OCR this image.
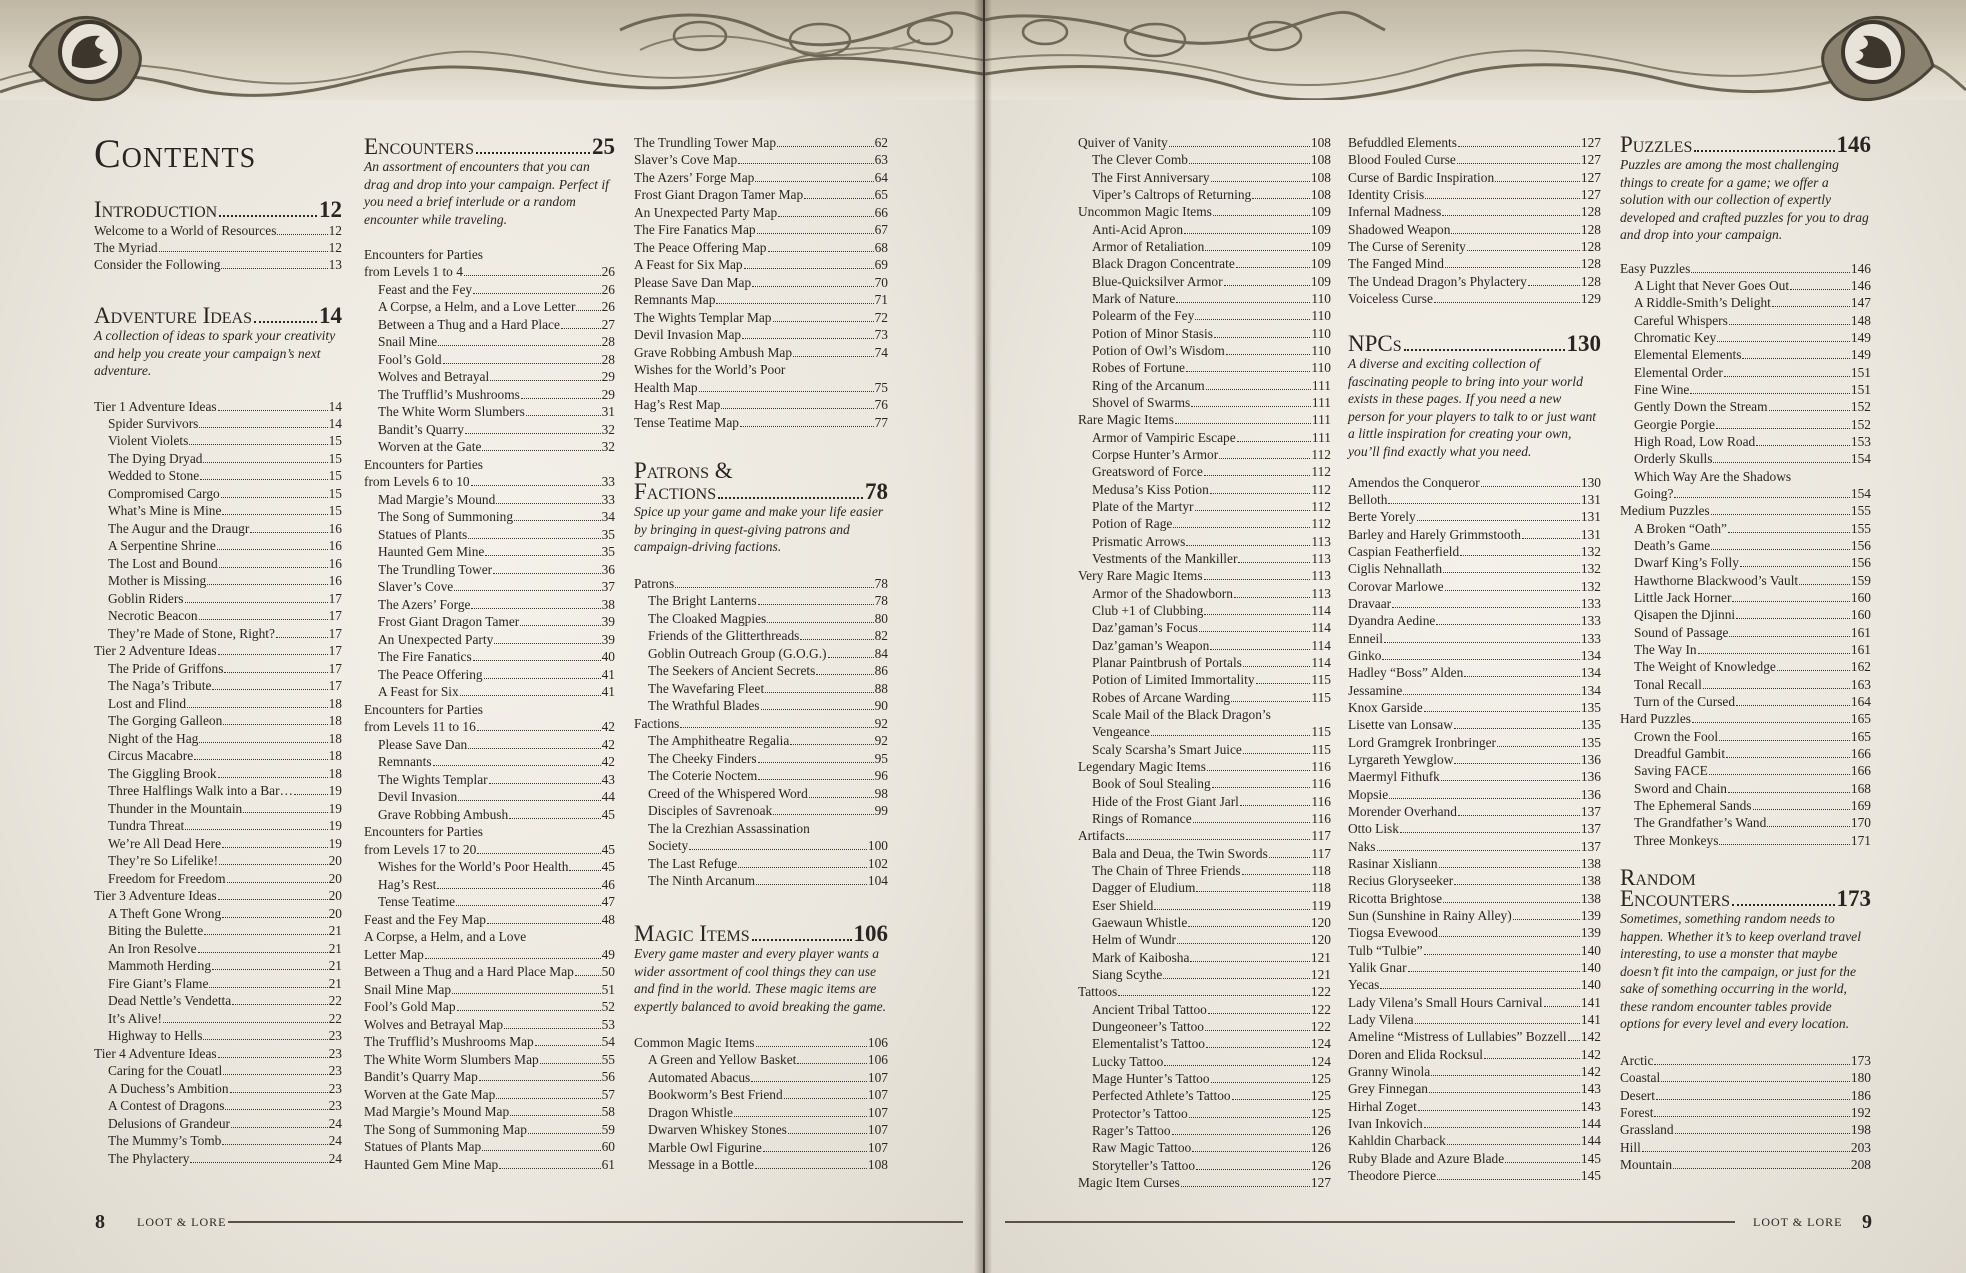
8	LOOT & LORE
Contents
LOOT & LORE 9
Introduction	12
Welcome to a World of Resources	12
The Myriad	12
Consider the Following	13
Adventure Ideas	14
A collection of ideas to spark your creativity and help you create your campaign’s next adventure.
Tier 1 Adventure Ideas	14
Spider Survivors	14
Violent Violets	15
The Dying Dryad	15
Wedded to Stone	15
Compromised Cargo	15
What’s Mine is Mine	15
The Augur and the Draugr	16
A Serpentine Shrine	16
The Lost and Bound	16
Mother is Missing	16
Goblin Riders	17
Necrotic Beacon	17
They’re Made of Stone, Right?	17
Tier 2 Adventure Ideas	17
The Pride of Griffons	17
The Naga’s Tribute	17
Lost and Flind	18
The Gorging Galleon	18
Night of the Hag	18
Circus Macabre	18
The Giggling Brook	18
Three Halflings Walk into a Bar…	19
Thunder in the Mountain	19
Tundra Threat	19
We’re All Dead Here	19
They’re So Lifelike!	20
Freedom for Freedom	20
Tier 3 Adventure Ideas	20
A Theft Gone Wrong	20
Biting the Bulette	21
An Iron Resolve	21
Mammoth Herding	21
Fire Giant’s Flame	21
Dead Nettle’s Vendetta	22
It’s Alive!	22
Highway to Hells	23
Tier 4 Adventure Ideas	23
Caring for the Couatl	23
A Duchess’s Ambition	23
A Contest of Dragons	23
Delusions of Grandeur	24
The Mummy’s Tomb	24
The Phylactery	24
Encounters	25
An assortment of encounters that you can drag and drop into your campaign. Perfect if you need a brief interlude or a random encounter while traveling.
Encounters for Parties
from Levels 1 to 4	26
Feast and the Fey	26
A Corpse, a Helm, and a Love Letter 26
Between a Thug and a Hard Place	27
Snail Mine	28
Fool’s Gold	28
Wolves and Betrayal	29
The Trufflid’s Mushrooms	29
The White Worm Slumbers	31
Bandit’s Quarry	32
Worven at the Gate	32
Encounters for Parties
from Levels 6 to 10	33
Mad Margie’s Mound	33
The Song of Summoning	34
Statues of Plants	35
Haunted Gem Mine	35
The Trundling Tower	36
Slaver’s Cove	37
The Azers’ Forge	38
Frost Giant Dragon Tamer	39
An Unexpected Party	39
The Fire Fanatics	40
The Peace Offering	41
A Feast for Six	41
Encounters for Parties
from Levels 11 to 16	42
Please Save Dan	42
Remnants	42
The Wights Templar	43
Devil Invasion	44
Grave Robbing Ambush	45
Encounters for Parties
from Levels 17 to 20	45
Wishes for the World’s Poor Health 45
Hag’s Rest	46
Tense Teatime	47
Feast and the Fey Map	48
A Corpse, a Helm, and a Love
Letter Map	49
Between a Thug and a Hard Place Map 50
Snail Mine Map	51
Fool’s Gold Map	52
Wolves and Betrayal Map	53
The Trufflid’s Mushrooms Map	54
The White Worm Slumbers Map	55
Bandit’s Quarry Map	56
Worven at the Gate Map	57
Mad Margie’s Mound Map	58
The Song of Summoning Map	59
Statues of Plants Map	60
Haunted Gem Mine Map	61
The Trundling Tower Map	62
Slaver’s Cove Map	63
The Azers’ Forge Map	64
Frost Giant Dragon Tamer Map	65
An Unexpected Party Map	66
The Fire Fanatics Map	67
The Peace Offering Map	68
A Feast for Six Map	69
Please Save Dan Map	70
Remnants Map	71
The Wights Templar Map	72
Devil Invasion Map	73
Grave Robbing Ambush Map	74
Wishes for the World’s Poor
Health Map	75
Hag’s Rest Map	76
Tense Teatime Map	77
Patrons &
Factions	78
Spice up your game and make your life easier by bringing in quest-giving patrons and campaign-driving factions.
Patrons	78
The Bright Lanterns	78
The Cloaked Magpies	80
Friends of the Glitterthreads	82
Goblin Outreach Group (G.O.G.)	84
The Seekers of Ancient Secrets	86
The Wavefaring Fleet	88
The Wrathful Blades	90
Factions	92
The Amphitheatre Regalia	92
The Cheeky Finders	95
The Coterie Noctem	96
Creed of the Whispered Word	98
Disciples of Savrenoak	99
The la Crezhian Assassination
Society	100
The Last Refuge	102
The Ninth Arcanum	104
Magic Items	106
Every game master and every player wants a wider assortment of cool things they can use and find in the world. These magic items are expertly balanced to avoid breaking the game.
Common Magic Items	106
A Green and Yellow Basket	106
Automated Abacus	107
Bookworm’s Best Friend	107
Dragon Whistle	107
Dwarven Whiskey Stones	107
Marble Owl Figurine	107
Message in a Bottle	108
Quiver of Vanity	108
The Clever Comb	108
The First Anniversary	108
Viper’s Caltrops of Returning	108
Uncommon Magic Items	109
Anti-Acid Apron	109
Armor of Retaliation	109
Black Dragon Concentrate	109
Blue-Quicksilver Armor	109
Mark of Nature	110
Polearm of the Fey	110
Potion of Minor Stasis	110
Potion of Owl’s Wisdom	110
Robes of Fortune	110
Ring of the Arcanum	111
Shovel of Swarms	111
Rare Magic Items	111
Armor of Vampiric Escape	111
Corpse Hunter’s Armor	112
Greatsword of Force	112
Medusa’s Kiss Potion	112
Plate of the Martyr	112
Potion of Rage	112
Prismatic Arrows	113
Vestments of the Mankiller	113
Very Rare Magic Items	113
Armor of the Shadowborn	113
Club +1 of Clubbing	114
Daz’gaman’s Focus	114
Daz’gaman’s Weapon	114
Planar Paintbrush of Portals	114
Potion of Limited Immortality	115
Robes of Arcane Warding	115
Scale Mail of the Black Dragon’s
Vengeance	115
Scaly Scarsha’s Smart Juice	115
Legendary Magic Items	116
Book of Soul Stealing	116
Hide of the Frost Giant Jarl	116
Rings of Romance	116
Artifacts	117
Bala and Deua, the Twin Swords	117
The Chain of Three Friends	118
Dagger of Eludium	118
Eser Shield	119
Gaewaun Whistle	120
Helm of Wundr	120
Mark of Kaibosha	121
Siang Scythe	121
Tattoos	122
Ancient Tribal Tattoo	122
Dungeoneer’s Tattoo	122
Elementalist’s Tattoo	124
Lucky Tattoo	124
Mage Hunter’s Tattoo	125
Perfected Athlete’s Tattoo	125
Protector’s Tattoo	125
Rager’s Tattoo	126
Raw Magic Tattoo	126
Storyteller’s Tattoo	126
Magic Item Curses	127
Befuddled Elements	127
Blood Fouled Curse	127
Curse of Bardic Inspiration	127
Identity Crisis	127
Infernal Madness	128
Shadowed Weapon	128
The Curse of Serenity	128
The Fanged Mind	128
The Undead Dragon’s Phylactery	128
Voiceless Curse	129
NPCs	130
A diverse and exciting collection of fascinating people to bring into your world exists in these pages. If you need a new person for your players to talk to or just want a little inspiration for creating your own, you’ll find exactly what you need.
Amendos the Conqueror	130
Belloth	131
Berte Yorely	131
Barley and Harely Grimmstooth	131
Caspian Featherfield	132
Ciglis Nehnallath	132
Corovar Marlowe	132
Dravaar	133
Dyandra Aedine	133
Enneil	133
Ginko	134
Hadley “Boss” Alden	134
Jessamine	134
Knox Garside	135
Lisette van Lonsaw	135
Lord Gramgrek Ironbringer	135
Lyrgareth Yewglow	136
Maermyl Fithufk	136
Mopsie	136
Morender Overhand	137
Otto Lisk	137
Naks	137
Rasinar Xisliann	138
Recius Gloryseeker	138
Ricotta Brightose	138
Sun (Sunshine in Rainy Alley)	139
Tiogsa Evewood	139
Tulb “Tulbie”	140
Yalik Gnar	140
Yecas	140
Lady Vilena’s Small Hours Carnival	141
Lady Vilena	141
Ameline “Mistress of Lullabies” Bozzell 142
Doren and Elida Rocksul	142
Granny Winola	142
Grey Finnegan	143
Hirhal Zoget	143
Ivan Inkovich	144
Kahldin Charback	144
Ruby Blade and Azure Blade	145
Theodore Pierce	145
Puzzles	146
Puzzles are among the most challenging things to create for a game; we offer a solution with our collection of expertly developed and crafted puzzles for you to drag and drop into your campaign.
Easy Puzzles	146
A Light that Never Goes Out	146
A Riddle-Smith’s Delight	147
Careful Whispers	148
Chromatic Key	149
Elemental Elements	149
Elemental Order	151
Fine Wine	151
Gently Down the Stream	152
Georgie Porgie	152
High Road, Low Road	153
Orderly Skulls	154
Which Way Are the Shadows
Going?	154
Medium Puzzles	155
A Broken “Oath”	155
Death’s Game	156
Dwarf King’s Folly	156
Hawthorne Blackwood’s Vault	159
Little Jack Horner	160
Qisapen the Djinni	160
Sound of Passage	161
The Way In	161
The Weight of Knowledge	162
Tonal Recall	163
Turn of the Cursed	164
Hard Puzzles	165
Crown the Fool	165
Dreadful Gambit	166
Saving FACE	166
Sword and Chain	168
The Ephemeral Sands	169
The Grandfather’s Wand	170
Three Monkeys	171
Random
Encounters	173
Sometimes, something random needs to happen. Whether it’s to keep overland travel interesting, to use a monster that maybe doesn’t fit into the campaign, or just for the sake of something occurring in the world, these random encounter tables provide options for every level and every location.
Arctic	173
Coastal	180
Desert	186
Forest	192
Grassland	198
Hill	203
Mountain	208
